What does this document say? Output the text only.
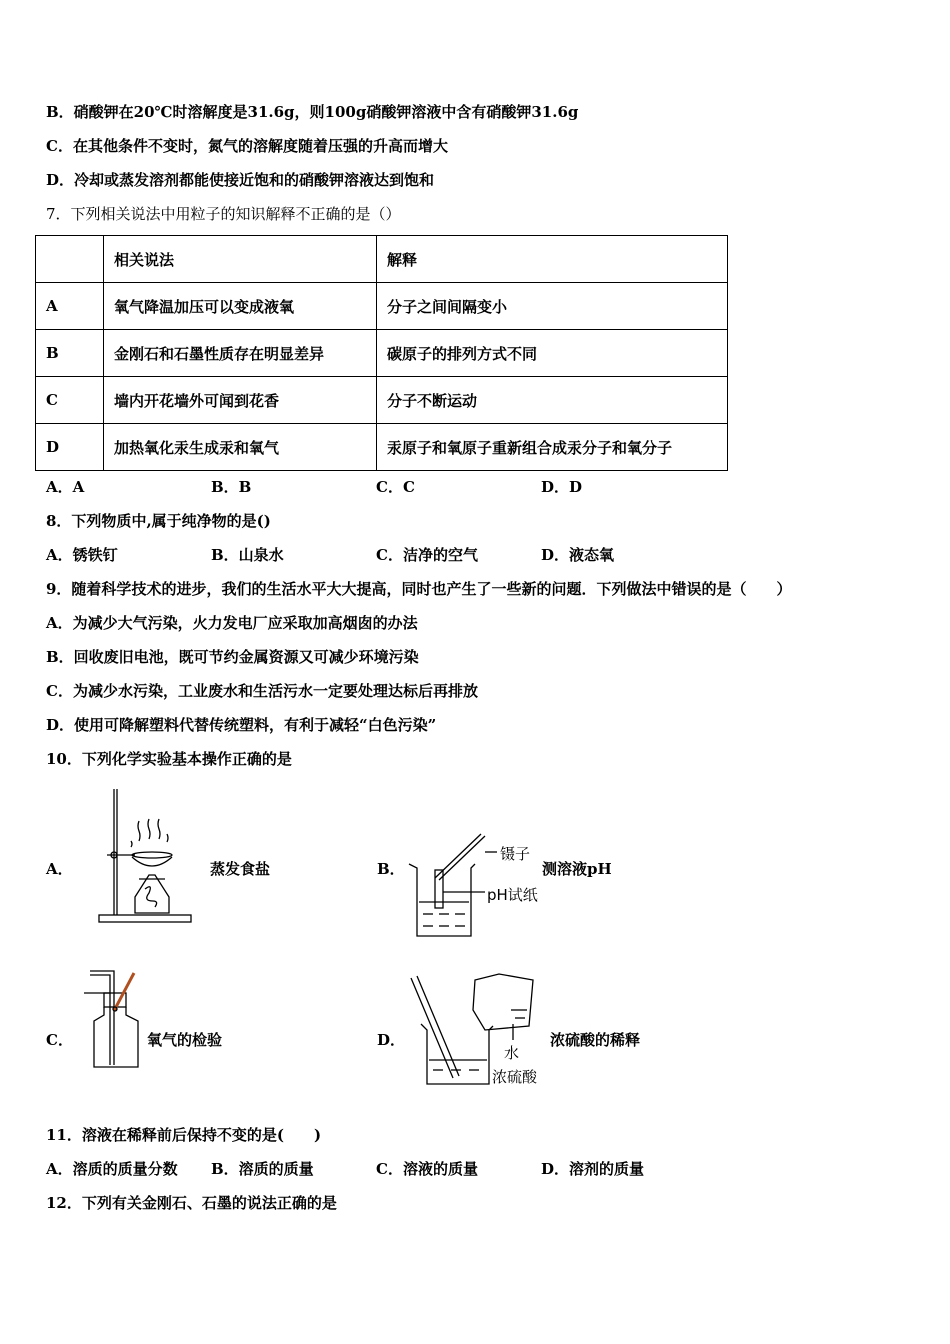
B．硝酸钾在20℃时溶解度是31.6g，则100g硝酸钾溶液中含有硝酸钾31.6g
C．在其他条件不变时，氮气的溶解度随着压强的升高而增大
D．冷却或蒸发溶剂都能使接近饱和的硝酸钾溶液达到饱和
7．下列相关说法中用粒子的知识解释不正确的是（）
	相关说法	解释
A	氧气降温加压可以变成液氧	分子之间间隔变小
B	金刚石和石墨性质存在明显差异	碳原子的排列方式不同
C	墙内开花墙外可闻到花香	分子不断运动
D	加热氧化汞生成汞和氧气	汞原子和氧原子重新组合成汞分子和氧分子
A．A	B．B	C．C	D．D
8．下列物质中,属于纯净物的是()
A．锈铁钉	B．山泉水	C．洁净的空气	D．液态氧
9．随着科学技术的进步，我们的生活水平大大提高，同时也产生了一些新的问题．下列做法中错误的是（　　）
A．为减少大气污染，火力发电厂应采取加高烟囱的办法
B．回收废旧电池，既可节约金属资源又可减少环境污染
C．为减少水污染，工业废水和生活污水一定要处理达标后再排放
D．使用可降解塑料代替传统塑料，有利于减轻“白色污染”
10．下列化学实验基本操作正确的是
A．	蒸发食盐	B．
镊子
pH试纸
测溶液pH
C．	氧气的检验	D．
水
浓硫酸
浓硫酸的稀释
11．溶液在稀释前后保持不变的是(　　)
A．溶质的质量分数 B．溶质的质量	C．溶液的质量	D．溶剂的质量
12．下列有关金刚石、石墨的说法正确的是
